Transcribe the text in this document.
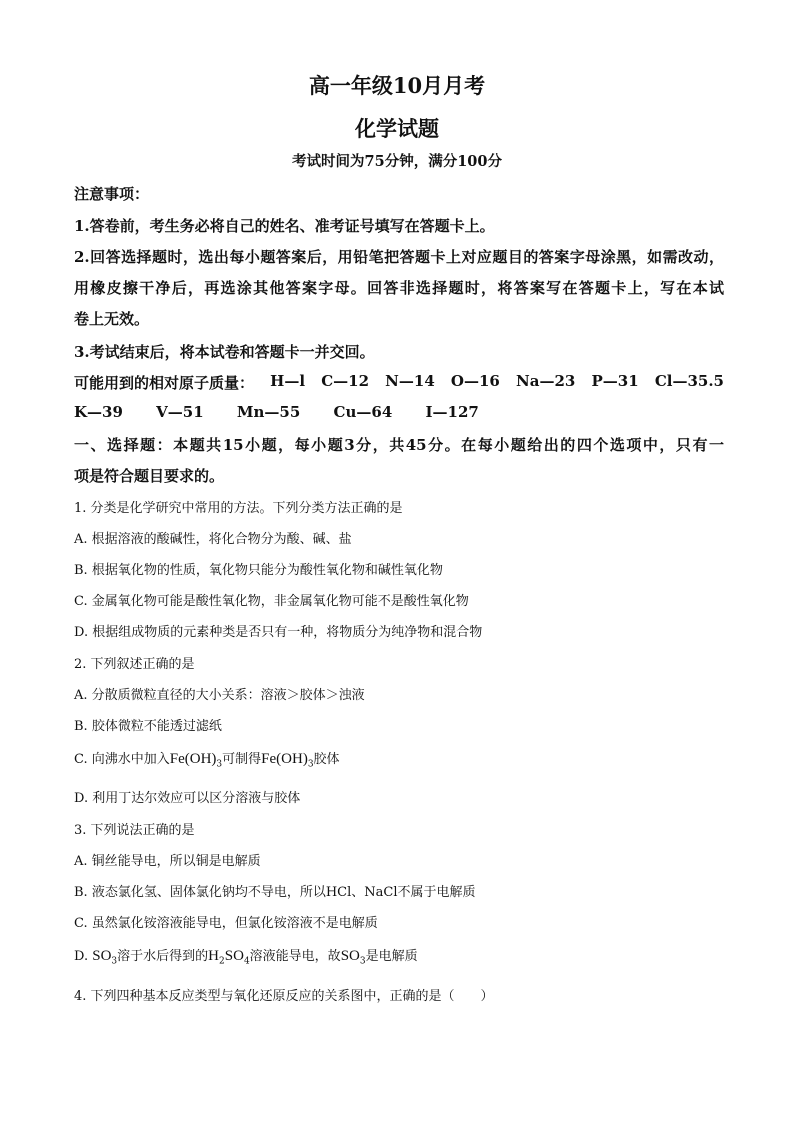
高一年级10月月考
化学试题
考试时间为75分钟，满分100分
注意事项：
1.答卷前，考生务必将自己的姓名、准考证号填写在答题卡上。
2.回答选择题时，选出每小题答案后，用铅笔把答题卡上对应题目的答案字母涂黑，如需改动，
用橡皮擦干净后，再选涂其他答案字母。回答非选择题时，将答案写在答题卡上，写在本试
卷上无效。
3.考试结束后，将本试卷和答题卡一并交回。
可能用到的相对原子质量： H—l C—12 N—14 O—16 Na—23 P—31 Cl—35.5
K—39 V—51 Mn—55 Cu—64 I—127
一、选择题：本题共15小题，每小题3分，共45分。在每小题给出的四个选项中，只有一
项是符合题目要求的。
1. 分类是化学研究中常用的方法。下列分类方法正确的是
A. 根据溶液的酸碱性，将化合物分为酸、碱、盐
B. 根据氧化物的性质，氧化物只能分为酸性氧化物和碱性氧化物
C. 金属氧化物可能是酸性氧化物，非金属氧化物可能不是酸性氧化物
D. 根据组成物质的元素种类是否只有一种，将物质分为纯净物和混合物
2. 下列叙述正确的是
A. 分散质微粒直径的大小关系：溶液＞胶体＞浊液
B. 胶体微粒不能透过滤纸
C. 向沸水中加入$Fe(OH)_3$可制得$Fe(OH)_3$胶体
D. 利用丁达尔效应可以区分溶液与胶体
3. 下列说法正确的是
A. 铜丝能导电，所以铜是电解质
B. 液态氯化氢、固体氯化钠均不导电，所以HCl、NaCl不属于电解质
C. 虽然氯化铵溶液能导电，但氯化铵溶液不是电解质
D. $SO_3$溶于水后得到的$H_2SO_4$溶液能导电，故$SO_3$是电解质
4. 下列四种基本反应类型与氧化还原反应的关系图中，正确的是（　　）
